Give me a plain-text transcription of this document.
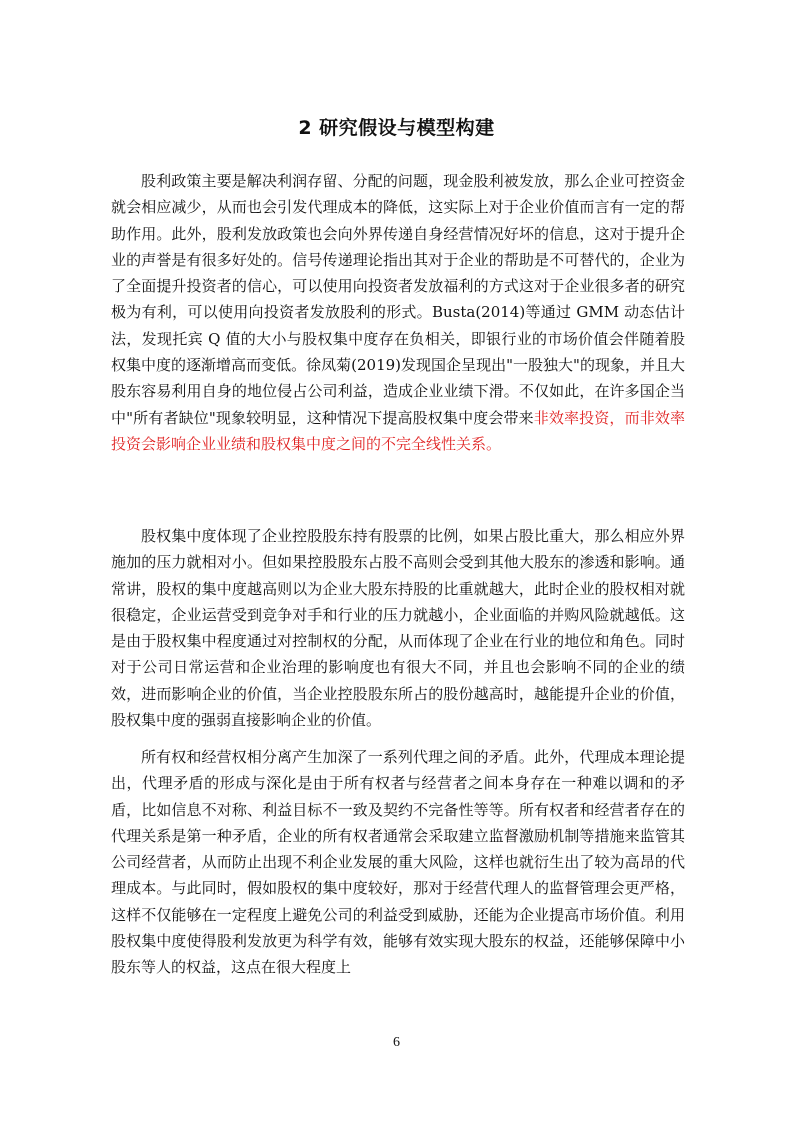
2 研究假设与模型构建

股利政策主要是解决利润存留、分配的问题，现金股利被发放，那么企业可控资金就会相应减少，从而也会引发代理成本的降低，这实际上对于企业价值而言有一定的帮助作用。此外，股利发放政策也会向外界传递自身经营情况好坏的信息，这对于提升企业的声誉是有很多好处的。信号传递理论指出其对于企业的帮助是不可替代的，企业为了全面提升投资者的信心，可以使用向投资者发放福利的方式这对于企业很多者的研究极为有利，可以使用向投资者发放股利的形式。Busta(2014)等通过 GMM 动态估计法，发现托宾 Q 值的大小与股权集中度存在负相关，即银行业的市场价值会伴随着股权集中度的逐渐增高而变低。徐凤菊(2019)发现国企呈现出"一股独大"的现象，并且大股东容易利用自身的地位侵占公司利益，造成企业业绩下滑。不仅如此，在许多国企当中"所有者缺位"现象较明显，这种情况下提高股权集中度会带来非效率投资，而非效率投资会影响企业业绩和股权集中度之间的不完全线性关系。

股权集中度体现了企业控股股东持有股票的比例，如果占股比重大，那么相应外界施加的压力就相对小。但如果控股股东占股不高则会受到其他大股东的渗透和影响。通常讲，股权的集中度越高则以为企业大股东持股的比重就越大，此时企业的股权相对就很稳定，企业运营受到竞争对手和行业的压力就越小，企业面临的并购风险就越低。这是由于股权集中程度通过对控制权的分配，从而体现了企业在行业的地位和角色。同时对于公司日常运营和企业治理的影响度也有很大不同，并且也会影响不同的企业的绩效，进而影响企业的价值，当企业控股股东所占的股份越高时，越能提升企业的价值，股权集中度的强弱直接影响企业的价值。

所有权和经营权相分离产生加深了一系列代理之间的矛盾。此外，代理成本理论提出，代理矛盾的形成与深化是由于所有权者与经营者之间本身存在一种难以调和的矛盾，比如信息不对称、利益目标不一致及契约不完备性等等。所有权者和经营者存在的代理关系是第一种矛盾，企业的所有权者通常会采取建立监督激励机制等措施来监管其公司经营者，从而防止出现不利企业发展的重大风险，这样也就衍生出了较为高昂的代理成本。与此同时，假如股权的集中度较好，那对于经营代理人的监督管理会更严格，这样不仅能够在一定程度上避免公司的利益受到威胁，还能为企业提高市场价值。利用股权集中度使得股利发放更为科学有效，能够有效实现大股东的权益，还能够保障中小股东等人的权益，这点在很大程度上

6
